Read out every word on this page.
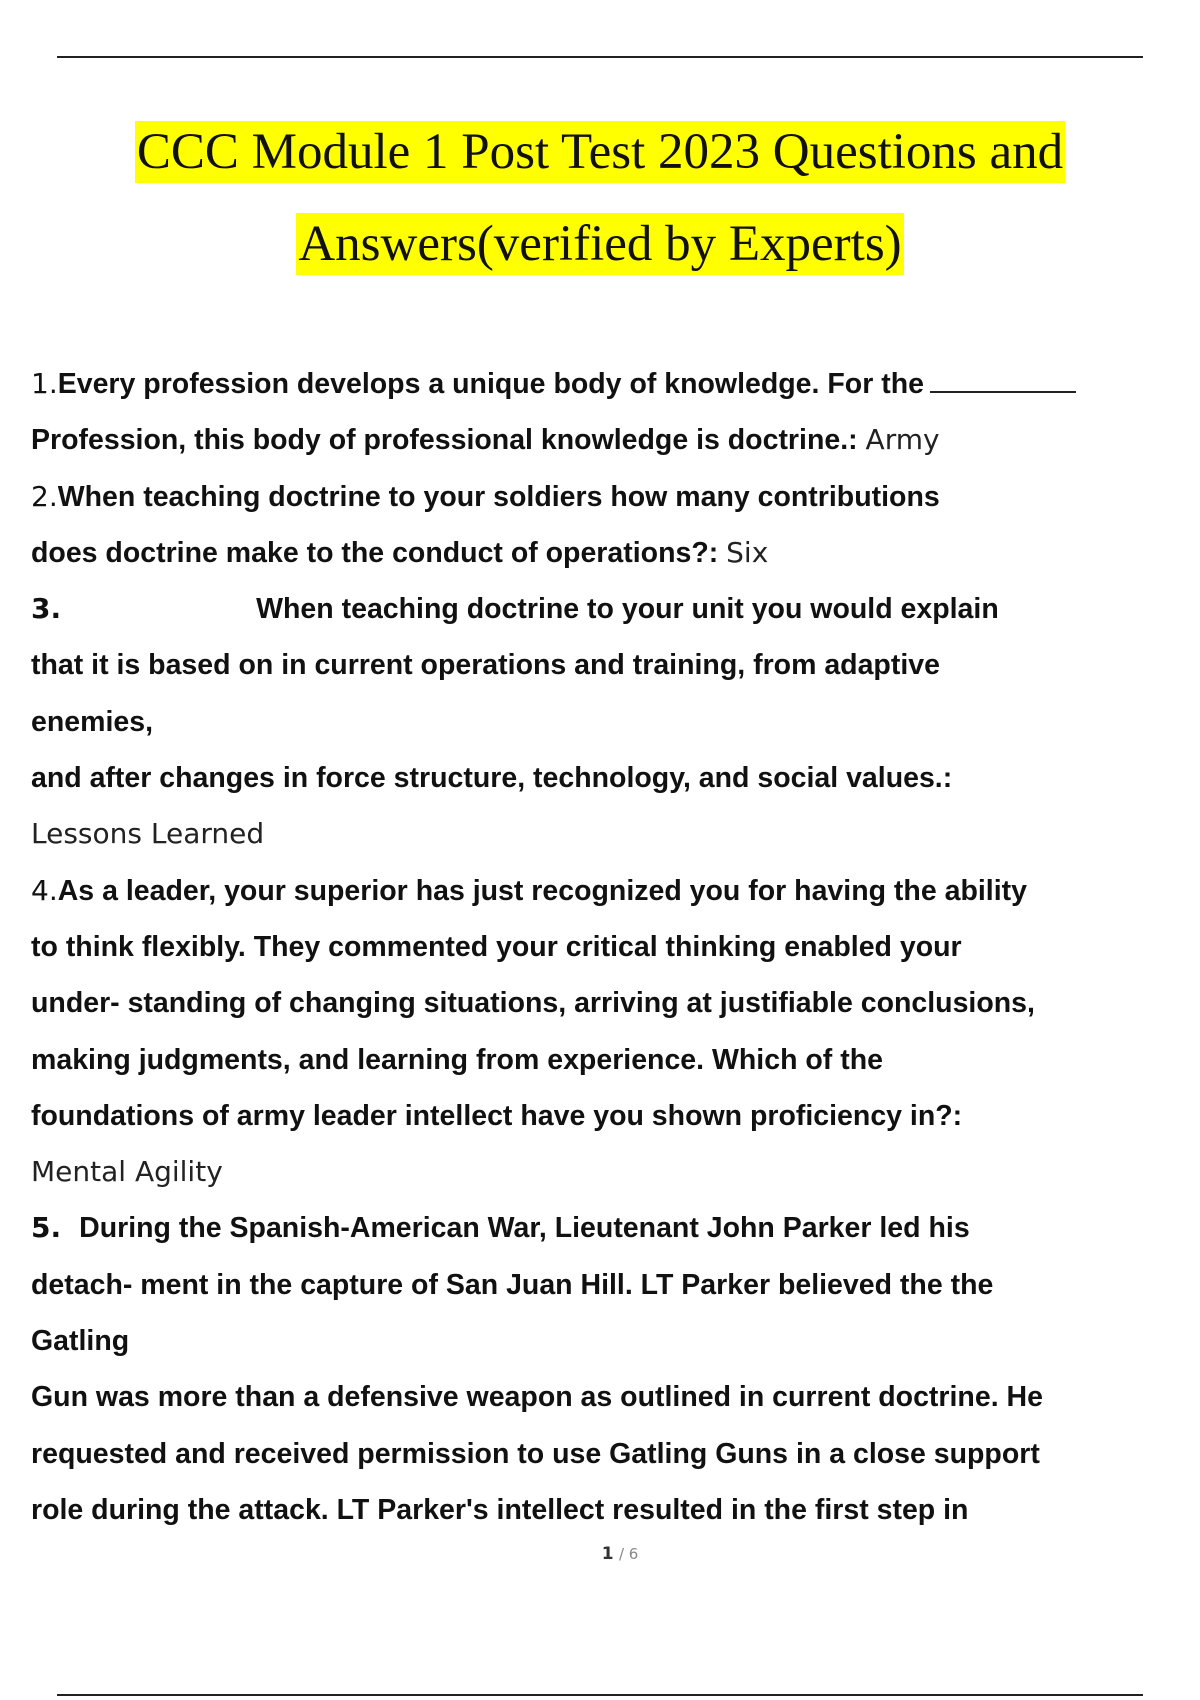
CCC Module 1 Post Test 2023 Questions and
Answers(verified by Experts)
1.Every profession develops a unique body of knowledge. For the
Profession, this body of professional knowledge is doctrine.: Army
2.When teaching doctrine to your soldiers how many contributions
does doctrine make to the conduct of operations?: Six
3.	When teaching doctrine to your unit you would explain
that it is based on in current operations and training, from adaptive
enemies,
and after changes in force structure, technology, and social values.:
Lessons Learned
4.As a leader, your superior has just recognized you for having the ability
to think flexibly. They commented your critical thinking enabled your
under- standing of changing situations, arriving at justifiable conclusions,
making judgments, and learning from experience. Which of the
foundations of army leader intellect have you shown proficiency in?:
Mental Agility
5. During the Spanish-American War, Lieutenant John Parker led his
detach- ment in the capture of San Juan Hill. LT Parker believed the the
Gatling
Gun was more than a defensive weapon as outlined in current doctrine. He
requested and received permission to use Gatling Guns in a close support
role during the attack. LT Parker's intellect resulted in the first step in
1 / 6
